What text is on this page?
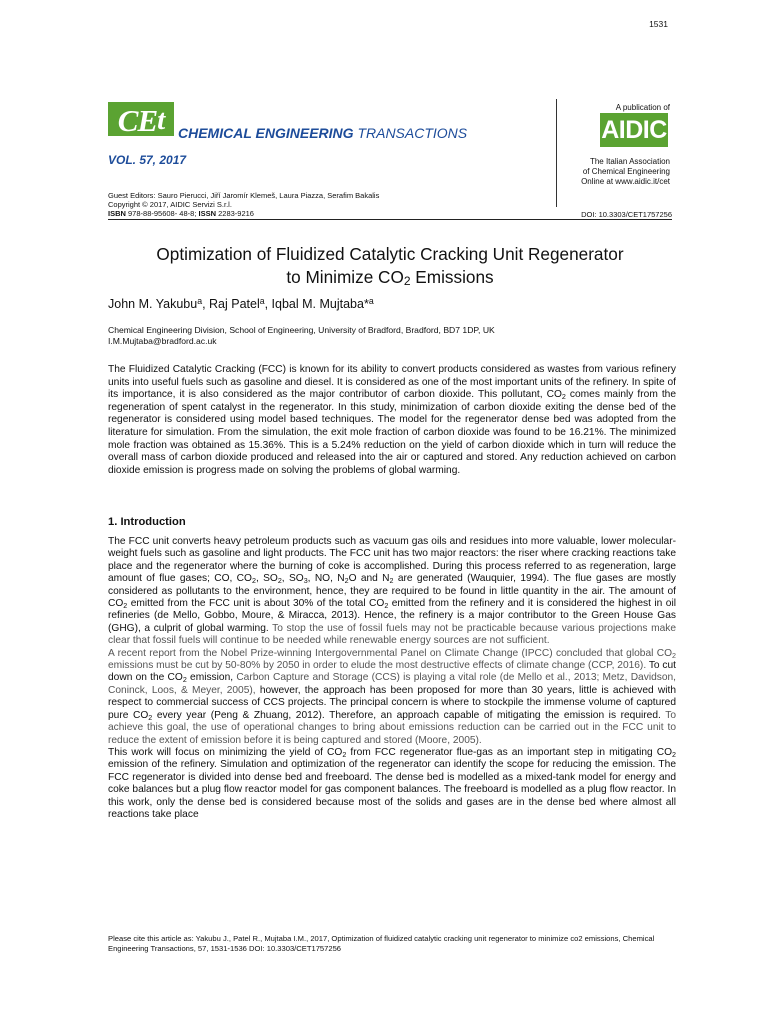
1531
CE t CHEMICAL ENGINEERING TRANSACTIONS
VOL. 57, 2017
A publication of
AIDIC
The Italian Association
of Chemical Engineering
Online at www.aidic.it/cet
Guest Editors: Sauro Pierucci, Jiří Jaromír Klemeš, Laura Piazza, Serafim Bakalis
Copyright © 2017, AIDIC Servizi S.r.l.
ISBN 978-88-95608- 48-8; ISSN 2283-9216	DOI: 10.3303/CET1757256
Optimization of Fluidized Catalytic Cracking Unit Regenerator
to Minimize $CO_2$ Emissions
John M. Yakubu$^a$, Raj Patel$^a$, Iqbal M. Mujtaba*$^a$
Chemical Engineering Division, School of Engineering, University of Bradford, Bradford, BD7 1DP, UK
I.M.Mujtaba@bradford.ac.uk
The Fluidized Catalytic Cracking (FCC) is known for its ability to convert products considered as wastes from various refinery units into useful fuels such as gasoline and diesel. It is considered as one of the most important units of the refinery. In spite of its importance, it is also considered as the major contributor of carbon dioxide. This pollutant, $CO_2$ comes mainly from the regeneration of spent catalyst in the regenerator. In this study, minimization of carbon dioxide exiting the dense bed of the regenerator is considered using model based techniques. The model for the regenerator dense bed was adopted from the literature for simulation. From the simulation, the exit mole fraction of carbon dioxide was found to be 16.21%. The minimized mole fraction was obtained as 15.36%. This is a 5.24% reduction on the yield of carbon dioxide which in turn will reduce the overall mass of carbon dioxide produced and released into the air or captured and stored. Any reduction achieved on carbon dioxide emission is progress made on solving the problems of global warming.
1. Introduction

The FCC unit converts heavy petroleum products such as vacuum gas oils and residues into more valuable, lower molecular-weight fuels such as gasoline and light products. The FCC unit has two major reactors: the riser where cracking reactions take place and the regenerator where the burning of coke is accomplished. During this process referred to as regeneration, large amount of flue gases; CO, $CO_2$, $SO_2$, $SO_3$, NO, $N_2O$ and $N_2$ are generated (Wauquier, 1994). The flue gases are mostly considered as pollutants to the environment, hence, they are required to be found in little quantity in the air. The amount of $CO_2$ emitted from the FCC unit is about 30% of the total $CO_2$ emitted from the refinery and it is considered the highest in oil refineries (de Mello, Gobbo, Moure, & Miracca, 2013). Hence, the refinery is a major contributor to the Green House Gas (GHG), a culprit of global warming. To stop the use of fossil fuels may not be practicable because various projections make clear that fossil fuels will continue to be needed while renewable energy sources are not sufficient.

A recent report from the Nobel Prize-winning Intergovernmental Panel on Climate Change (IPCC) concluded that global $CO_2$ emissions must be cut by 50-80% by 2050 in order to elude the most destructive effects of climate change (CCP, 2016). To cut down on the $CO_2$ emission, Carbon Capture and Storage (CCS) is playing a vital role (de Mello et al., 2013; Metz, Davidson, Coninck, Loos, & Meyer, 2005), however, the approach has been proposed for more than 30 years, little is achieved with respect to commercial success of CCS projects. The principal concern is where to stockpile the immense volume of captured pure $CO_2$ every year (Peng & Zhuang, 2012). Therefore, an approach capable of mitigating the emission is required. To achieve this goal, the use of operational changes to bring about emissions reduction can be carried out in the FCC unit to reduce the extent of emission before it is being captured and stored (Moore, 2005).

This work will focus on minimizing the yield of $CO_2$ from FCC regenerator flue-gas as an important step in mitigating $CO_2$ emission of the refinery. Simulation and optimization of the regenerator can identify the scope for reducing the emission. The FCC regenerator is divided into dense bed and freeboard. The dense bed is modelled as a mixed-tank model for energy and coke balances but a plug flow reactor model for gas component balances. The freeboard is modelled as a plug flow reactor. In this work, only the dense bed is considered because most of the solids and gases are in the dense bed where almost all reactions take place

Please cite this article as: Yakubu J., Patel R., Mujtaba I.M., 2017, Optimization of fluidized catalytic cracking unit regenerator to minimize co2 emissions, Chemical Engineering Transactions, 57, 1531-1536 DOI: 10.3303/CET1757256
